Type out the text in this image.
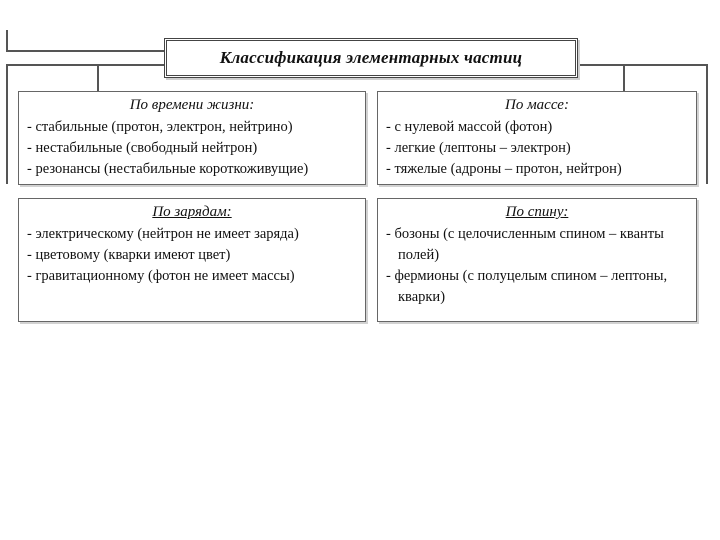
Классификация элементарных частиц
По времени жизни:
- стабильные (протон, электрон, нейтрино)
- нестабильные (свободный нейтрон)
- резонансы (нестабильные короткоживущие)
По массе:
- с нулевой массой (фотон)
- легкие (лептоны – электрон)
- тяжелые (адроны – протон, нейтрон)
По зарядам:
- электрическому (нейтрон не имеет заряда)
- цветовому (кварки имеют цвет)
- гравитационному (фотон не имеет массы)
По спину:
- бозоны (с целочисленным спином – кванты полей)
- фермионы (с полуцелым спином – лептоны, кварки)
